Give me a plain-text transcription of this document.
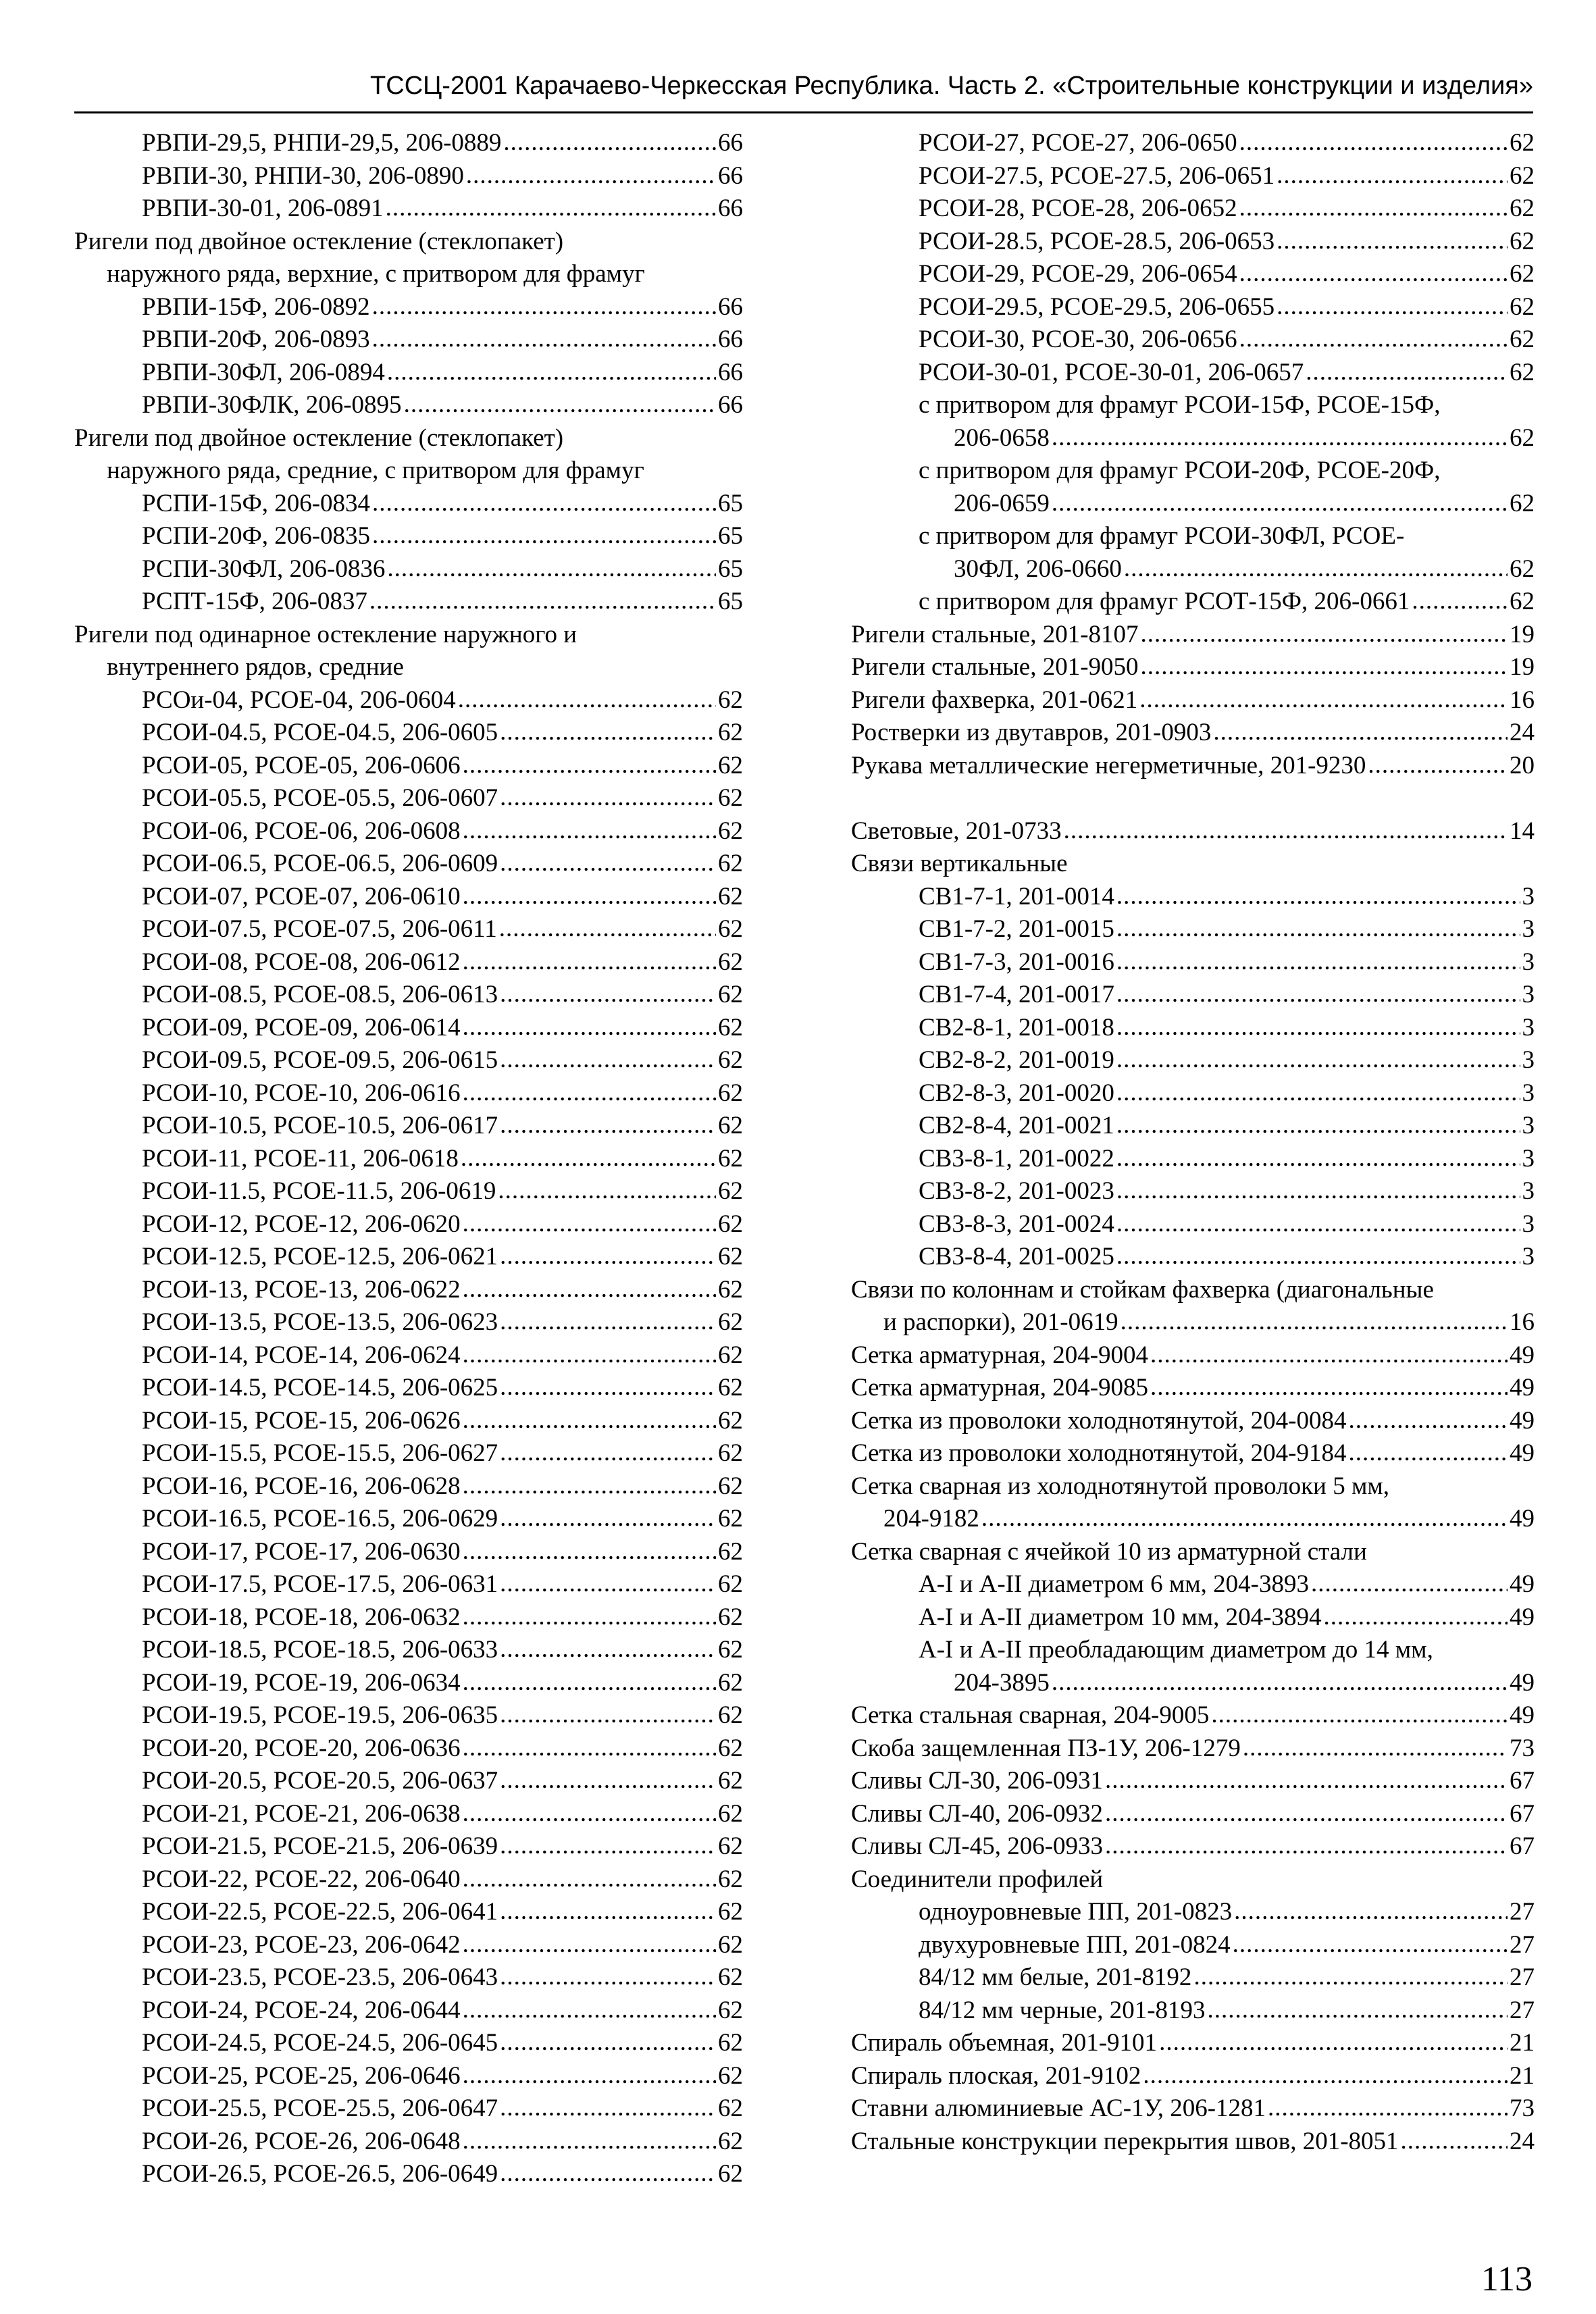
ТССЦ-2001 Карачаево-Черкесская Республика. Часть 2. «Строительные конструкции и изделия»
РВПИ-29,5, РНПИ-29,5, 206-0889 .....	66
РВПИ-30, РНПИ-30, 206-0890 .....	66
РВПИ-30-01, 206-0891 .....	66
Ригели под двойное остекление (стеклопакет)
наружного ряда, верхние, с притвором для фрамуг
РВПИ-15Ф, 206-0892 .....	66
РВПИ-20Ф, 206-0893 .....	66
РВПИ-30ФЛ, 206-0894 .....	66
РВПИ-30ФЛК, 206-0895 .....	66
Ригели под двойное остекление (стеклопакет)
наружного ряда, средние, с притвором для фрамуг
РСПИ-15Ф, 206-0834 .....	65
РСПИ-20Ф, 206-0835 .....	65
РСПИ-30ФЛ, 206-0836 .....	65
РСПТ-15Ф, 206-0837 .....	65
Ригели под одинарное остекление наружного и
внутреннего рядов, средние
РСОи-04, РСОЕ-04, 206-0604 .....	62
РСОИ-04.5, РСОЕ-04.5, 206-0605 .....	62
РСОИ-05, РСОЕ-05, 206-0606 .....	62
РСОИ-05.5, РСОЕ-05.5, 206-0607 .....	62
РСОИ-06, РСОЕ-06, 206-0608 .....	62
РСОИ-06.5, РСОЕ-06.5, 206-0609 .....	62
РСОИ-07, РСОЕ-07, 206-0610 .....	62
РСОИ-07.5, РСОЕ-07.5, 206-0611 .....	62
РСОИ-08, РСОЕ-08, 206-0612 .....	62
РСОИ-08.5, РСОЕ-08.5, 206-0613 .....	62
РСОИ-09, РСОЕ-09, 206-0614 .....	62
РСОИ-09.5, РСОЕ-09.5, 206-0615 .....	62
РСОИ-10, РСОЕ-10, 206-0616 .....	62
РСОИ-10.5, РСОЕ-10.5, 206-0617 .....	62
РСОИ-11, РСОЕ-11, 206-0618 .....	62
РСОИ-11.5, РСОЕ-11.5, 206-0619 .....	62
РСОИ-12, РСОЕ-12, 206-0620 .....	62
РСОИ-12.5, РСОЕ-12.5, 206-0621 .....	62
РСОИ-13, РСОЕ-13, 206-0622 .....	62
РСОИ-13.5, РСОЕ-13.5, 206-0623 .....	62
РСОИ-14, РСОЕ-14, 206-0624 .....	62
РСОИ-14.5, РСОЕ-14.5, 206-0625 .....	62
РСОИ-15, РСОЕ-15, 206-0626 .....	62
РСОИ-15.5, РСОЕ-15.5, 206-0627 .....	62
РСОИ-16, РСОЕ-16, 206-0628 .....	62
РСОИ-16.5, РСОЕ-16.5, 206-0629 .....	62
РСОИ-17, РСОЕ-17, 206-0630 .....	62
РСОИ-17.5, РСОЕ-17.5, 206-0631 .....	62
РСОИ-18, РСОЕ-18, 206-0632 .....	62
РСОИ-18.5, РСОЕ-18.5, 206-0633 .....	62
РСОИ-19, РСОЕ-19, 206-0634 .....	62
РСОИ-19.5, РСОЕ-19.5, 206-0635 .....	62
РСОИ-20, РСОЕ-20, 206-0636 .....	62
РСОИ-20.5, РСОЕ-20.5, 206-0637 .....	62
РСОИ-21, РСОЕ-21, 206-0638 .....	62
РСОИ-21.5, РСОЕ-21.5, 206-0639 .....	62
РСОИ-22, РСОЕ-22, 206-0640 .....	62
РСОИ-22.5, РСОЕ-22.5, 206-0641 .....	62
РСОИ-23, РСОЕ-23, 206-0642 .....	62
РСОИ-23.5, РСОЕ-23.5, 206-0643 .....	62
РСОИ-24, РСОЕ-24, 206-0644 .....	62
РСОИ-24.5, РСОЕ-24.5, 206-0645 .....	62
РСОИ-25, РСОЕ-25, 206-0646 .....	62
РСОИ-25.5, РСОЕ-25.5, 206-0647 .....	62
РСОИ-26, РСОЕ-26, 206-0648 .....	62
РСОИ-26.5, РСОЕ-26.5, 206-0649 .....	62
РСОИ-27, РСОЕ-27, 206-0650 .....	62
РСОИ-27.5, РСОЕ-27.5, 206-0651 .....	62
РСОИ-28, РСОЕ-28, 206-0652 .....	62
РСОИ-28.5, РСОЕ-28.5, 206-0653 .....	62
РСОИ-29, РСОЕ-29, 206-0654 .....	62
РСОИ-29.5, РСОЕ-29.5, 206-0655 .....	62
РСОИ-30, РСОЕ-30, 206-0656 .....	62
РСОИ-30-01, РСОЕ-30-01, 206-0657 .....	62
с притвором для фрамуг РСОИ-15Ф, РСОЕ-15Ф,
206-0658 .....	62
с притвором для фрамуг РСОИ-20Ф, РСОЕ-20Ф,
206-0659 .....	62
с притвором для фрамуг РСОИ-30ФЛ, РСОЕ-
30ФЛ, 206-0660 .....	62
с притвором для фрамуг РСОТ-15Ф, 206-0661 .....	62
Ригели стальные, 201-8107 .....	19
Ригели стальные, 201-9050 .....	19
Ригели фахверка, 201-0621 .....	16
Ростверки из двутавров, 201-0903 .....	24
Рукава металлические негерметичные, 201-9230 .....	20
Световые, 201-0733 .....	14
Связи вертикальные
СВ1-7-1, 201-0014 .....	3
СВ1-7-2, 201-0015 .....	3
СВ1-7-3, 201-0016 .....	3
СВ1-7-4, 201-0017 .....	3
СВ2-8-1, 201-0018 .....	3
СВ2-8-2, 201-0019 .....	3
СВ2-8-3, 201-0020 .....	3
СВ2-8-4, 201-0021 .....	3
СВ3-8-1, 201-0022 .....	3
СВ3-8-2, 201-0023 .....	3
СВ3-8-3, 201-0024 .....	3
СВ3-8-4, 201-0025 .....	3
Связи по колоннам и стойкам фахверка (диагональные
и распорки), 201-0619 .....	16
Сетка арматурная, 204-9004 .....	49
Сетка арматурная, 204-9085 .....	49
Сетка из проволоки холоднотянутой, 204-0084 .....	49
Сетка из проволоки холоднотянутой, 204-9184 .....	49
Сетка сварная из холоднотянутой проволоки 5 мм,
204-9182 .....	49
Сетка сварная с ячейкой 10 из арматурной стали
А-I и А-II диаметром 6 мм, 204-3893 .....	49
А-I и А-II диаметром 10 мм, 204-3894 .....	49
А-I и А-II преобладающим диаметром до 14 мм,
204-3895 .....	49
Сетка стальная сварная, 204-9005 .....	49
Скоба защемленная ПЗ-1У, 206-1279 .....	73
Сливы СЛ-30, 206-0931 .....	67
Сливы СЛ-40, 206-0932 .....	67
Сливы СЛ-45, 206-0933 .....	67
Соединители профилей
одноуровневые ПП, 201-0823 .....	27
двухуровневые ПП, 201-0824 .....	27
84/12 мм белые, 201-8192 .....	27
84/12 мм черные, 201-8193 .....	27
Спираль объемная, 201-9101 .....	21
Спираль плоская, 201-9102 .....	21
Ставни алюминиевые АС-1У, 206-1281 .....	73
Стальные конструкции перекрытия швов, 201-8051 .....	24
113
